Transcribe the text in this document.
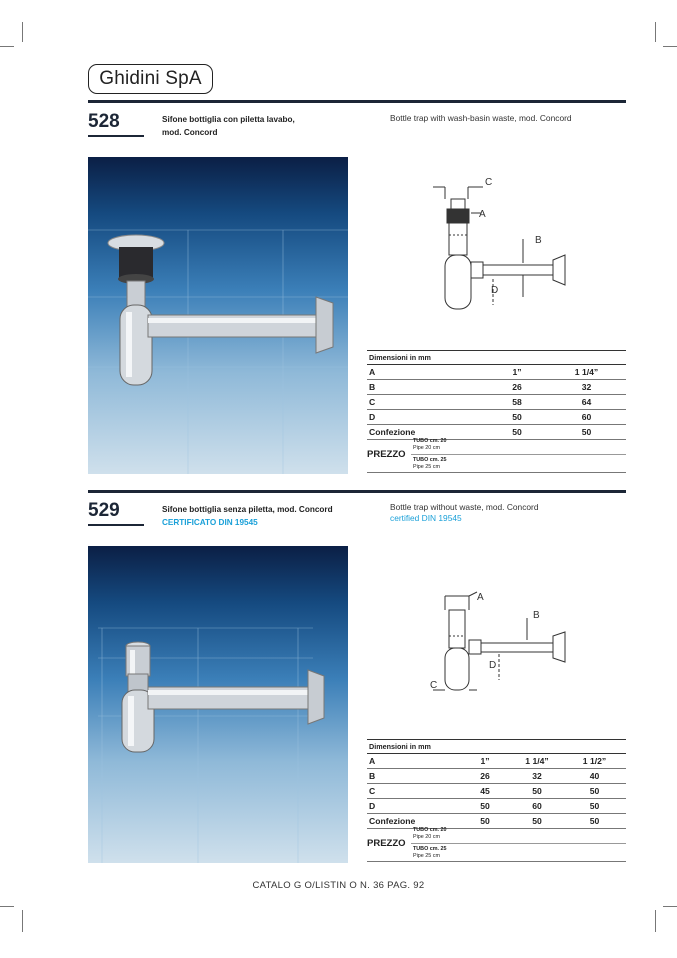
Ghidini SpA
528	Sifone bottiglia con piletta lavabo,
mod. Concord
Bottle trap with wash-basin waste, mod. Concord
C
A
B
D
Dimensioni in mm		
A	1”	1 1/4”
B	26	32
C	58	64
D	50	60
Confezione	50	50
PREZZO
TUBO cm. 20
Pipe 20 cm
TUBO cm. 25
Pipe 25 cm
529	Sifone bottiglia senza piletta, mod. Concord
CERTIFICATO DIN 19545
Bottle trap without waste, mod. Concord
certified DIN 19545
A
B
D
C
Dimensioni in mm			
A	1”	1 1/4”	1 1/2”
B	26	32	40
C	45	50	50
D	50	60	50
Confezione	50	50	50
PREZZO
TUBO cm. 20
Pipe 20 cm
TUBO cm. 25
Pipe 25 cm
CATALO G O/LISTIN O N. 36 PAG. 92
